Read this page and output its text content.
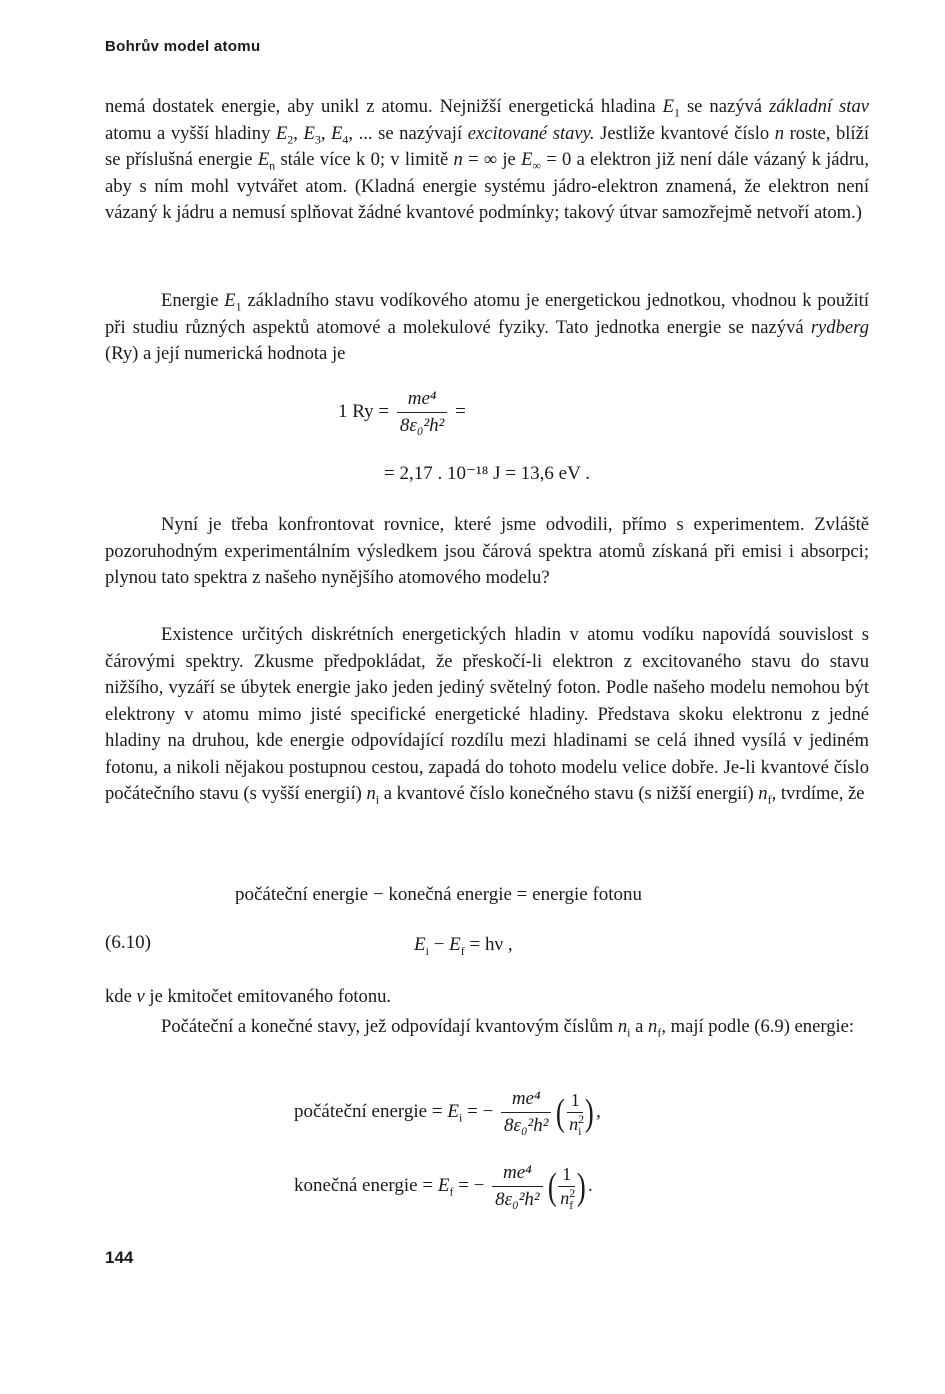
Bohrův model atomu
nemá dostatek energie, aby unikl z atomu. Nejnižší energetická hladina $E_1$ se nazývá základní stav atomu a vyšší hladiny $E_2$, $E_3$, $E_4$, ... se nazývají excitované stavy. Jestliže kvantové číslo n roste, blíží se příslušná energie $E_n$ stále více k 0; v limitě n = ∞ je $E_\infty = 0$ a elektron již není dále vázaný k jádru, aby s ním mohl vytvářet atom. (Kladná energie systému jádro-elektron znamená, že elektron není vázaný k jádru a nemusí splňovat žádné kvantové podmínky; takový útvar samozřejmě netvoří atom.)
Energie $E_1$ základního stavu vodíkového atomu je energetickou jednotkou, vhodnou k použití při studiu různých aspektů atomové a molekulové fyziky. Tato jednotka energie se nazývá rydberg (Ry) a její numerická hodnota je
1 $Ry = \frac{\text{me⁴}}{\text{8ε₀²h²}}$ =
= 2,17 . 10⁻¹⁸ J = 13,6 eV .
Nyní je třeba konfrontovat rovnice, které jsme odvodili, přímo s experimentem. Zvláště pozoruhodným experimentálním výsledkem jsou čárová spektra atomů získaná při emisi i absorpci; plynou tato spektra z našeho nynějšího atomového modelu?
Existence určitých diskrétních energetických hladin v atomu vodíku napovídá souvislost s čárovými spektry. Zkusme předpokládat, že přeskočí-li elektron z excitovaného stavu do stavu nižšího, vyzáří se úbytek energie jako jeden jediný světelný foton. Podle našeho modelu nemohou být elektrony v atomu mimo jisté specifické energetické hladiny. Představa skoku elektronu z jedné hladiny na druhou, kde energie odpovídající rozdílu mezi hladinami se celá ihned vysílá v jediném fotonu, a nikoli nějakou postupnou cestou, zapadá do tohoto modelu velice dobře. Je-li kvantové číslo počátečního stavu (s vyšší energií) $n_i$ a kvantové číslo konečného stavu (s nižší energií) $n_f$, tvrdíme, že
počáteční energie − konečná energie = energie fotonu
(6.10)	$E_i - E_f = h\nu$ ,
kde ν je kmitočet emitovaného fotonu.
Počáteční a konečné stavy, jež odpovídají kvantovým číslům $n_i$ a $n_f$, mají podle (6.9) energie:
počáteční energie = $E_i$ = − $\frac{\text{me⁴}}{\text{8ε₀²h²}}$ ( $\frac{1}{n^2_i}$ ),
konečná energie = $E_f$ = − $\frac{\text{me⁴}}{\text{8ε₀²h²}}$ ( $\frac{1}{n^2_f}$ ).
144
